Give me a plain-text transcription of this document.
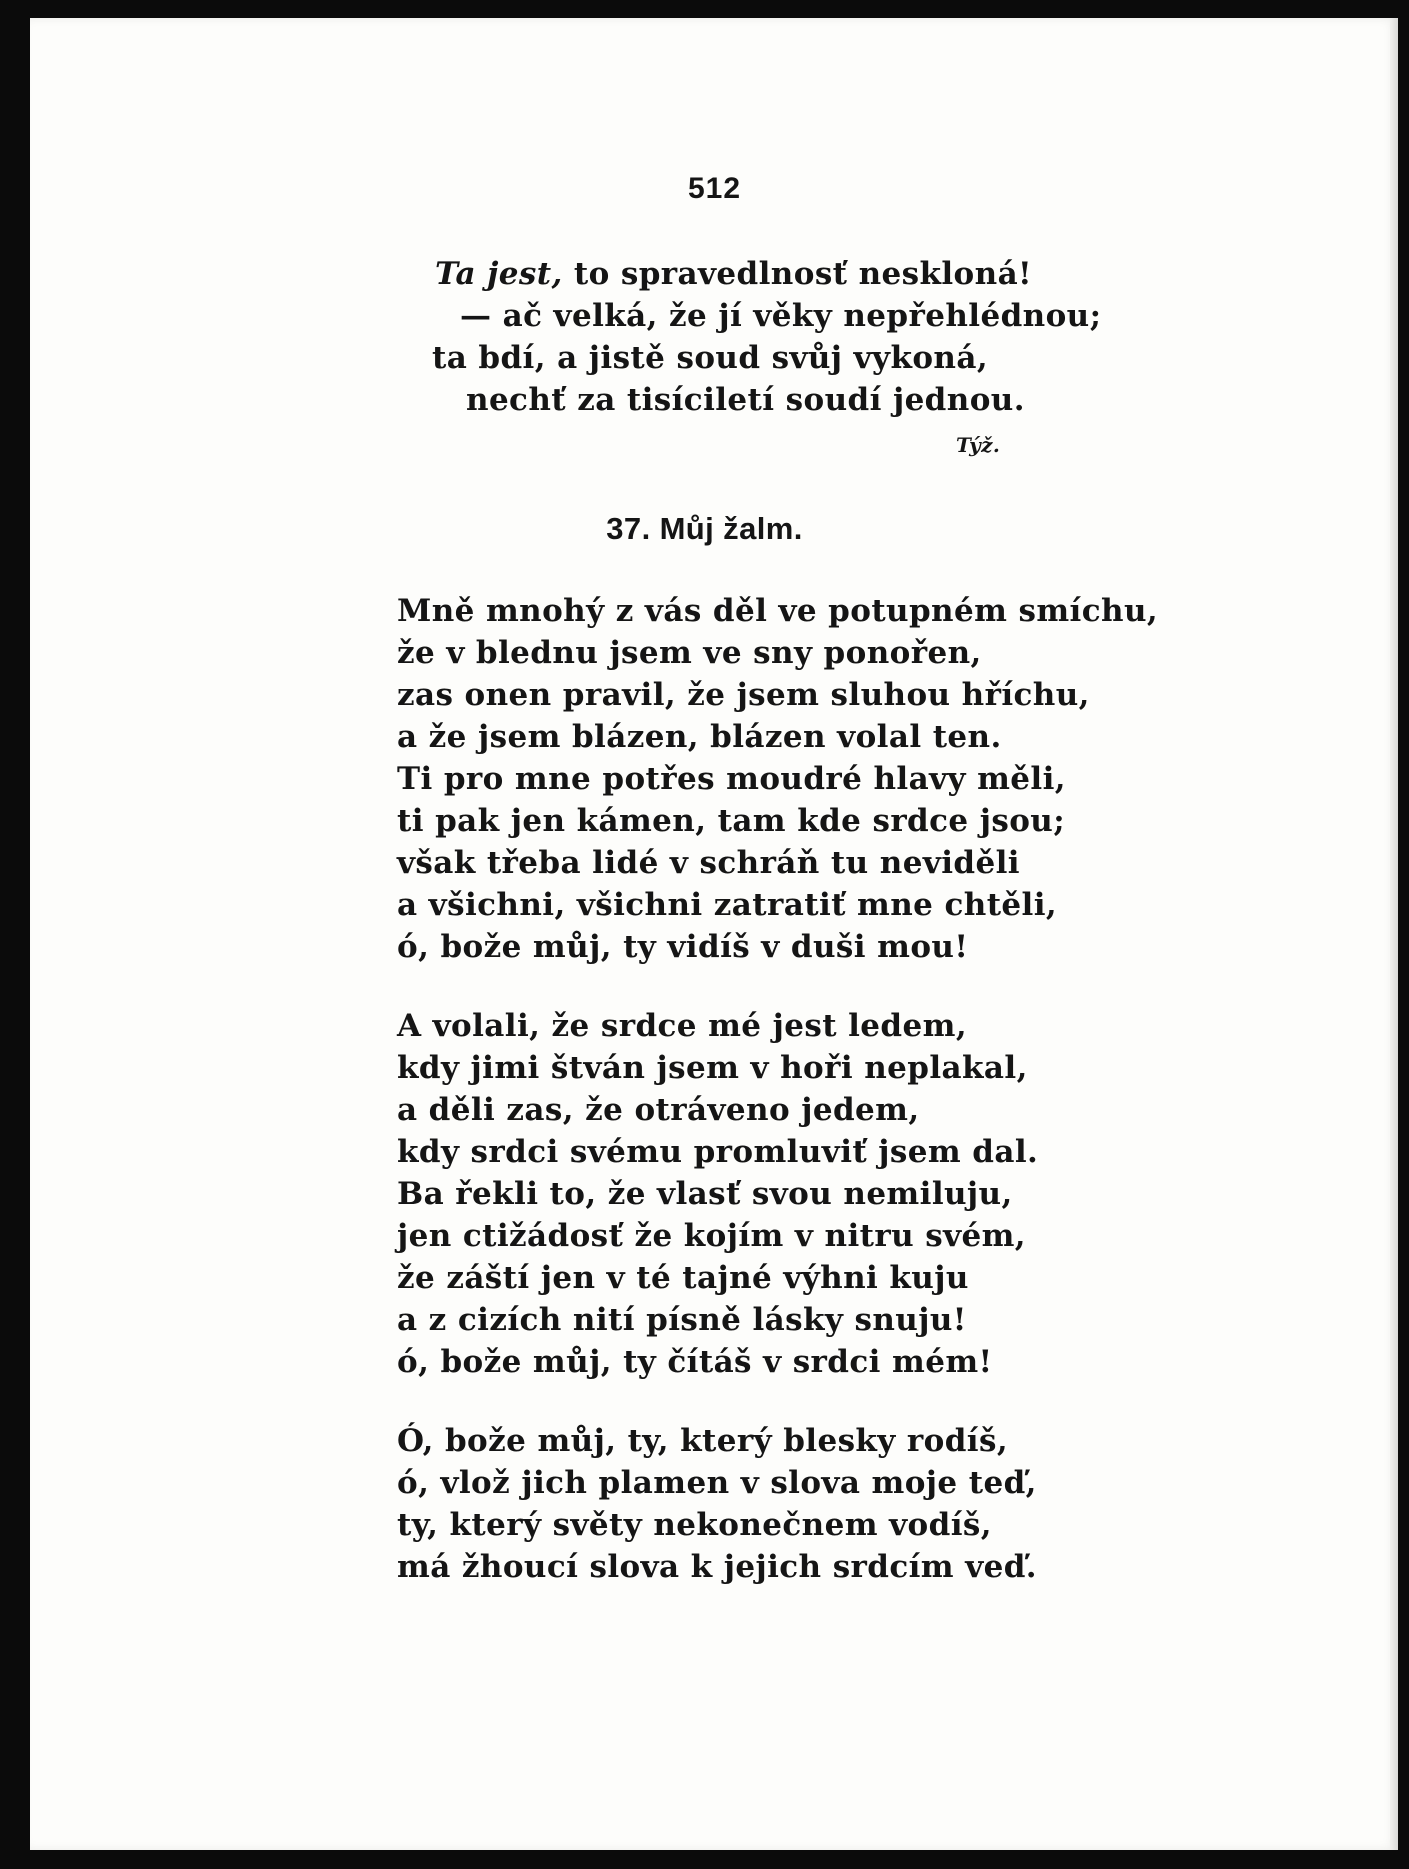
512
Ta jest, to spravedlnosť neskloná!
— ač velká, že jí věky nepřehlédnou;
ta bdí, a jistě soud svůj vykoná,
nechť za tisíciletí soudí jednou.
Týž.
37. Můj žalm.
Mně mnohý z vás děl ve potupném smíchu,
že v blednu jsem ve sny ponořen,
zas onen pravil, že jsem sluhou hříchu,
a že jsem blázen, blázen volal ten.
Ti pro mne potřes moudré hlavy měli,
ti pak jen kámen, tam kde srdce jsou;
však třeba lidé v schráň tu neviděli
a všichni, všichni zatratiť mne chtěli,
ó, bože můj, ty vidíš v duši mou!
A volali, že srdce mé jest ledem,
kdy jimi štván jsem v hoři neplakal,
a děli zas, že otráveno jedem,
kdy srdci svému promluviť jsem dal.
Ba řekli to, že vlasť svou nemiluju,
jen ctižádosť že kojím v nitru svém,
že záští jen v té tajné výhni kuju
a z cizích nití písně lásky snuju!
ó, bože můj, ty čítáš v srdci mém!
Ó, bože můj, ty, který blesky rodíš,
ó, vlož jich plamen v slova moje teď,
ty, který světy nekonečnem vodíš,
má žhoucí slova k jejich srdcím veď.
